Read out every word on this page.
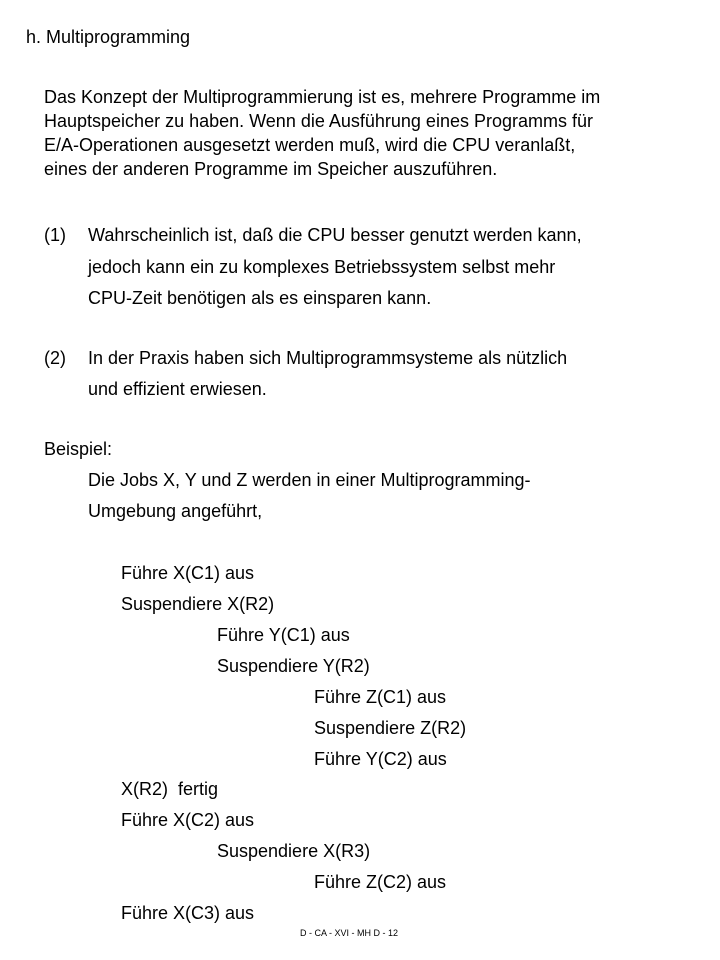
h. Multiprogramming
Das Konzept der Multiprogrammierung ist es, mehrere Programme im
Hauptspeicher zu haben. Wenn die Ausführung eines Programms für
E/A-Operationen ausgesetzt werden muß, wird die CPU veranlaßt,
eines der anderen Programme im Speicher auszuführen.
(1) Wahrscheinlich ist, daß die CPU besser genutzt werden kann,
jedoch kann ein zu komplexes Betriebssystem selbst mehr
CPU-Zeit benötigen als es einsparen kann.
(2) In der Praxis haben sich Multiprogrammsysteme als nützlich
und effizient erwiesen.
Beispiel:
Die Jobs X, Y und Z werden in einer Multiprogramming-
Umgebung angeführt,
Führe X(C1) aus
Suspendiere X(R2)
Führe Y(C1) aus
Suspendiere Y(R2)
Führe Z(C1) aus
Suspendiere Z(R2)
Führe Y(C2) aus
X(R2)  fertig
Führe X(C2) aus
Suspendiere X(R3)
Führe Z(C2) aus
Führe X(C3) aus
D - CA - XVI - MH D - 12
